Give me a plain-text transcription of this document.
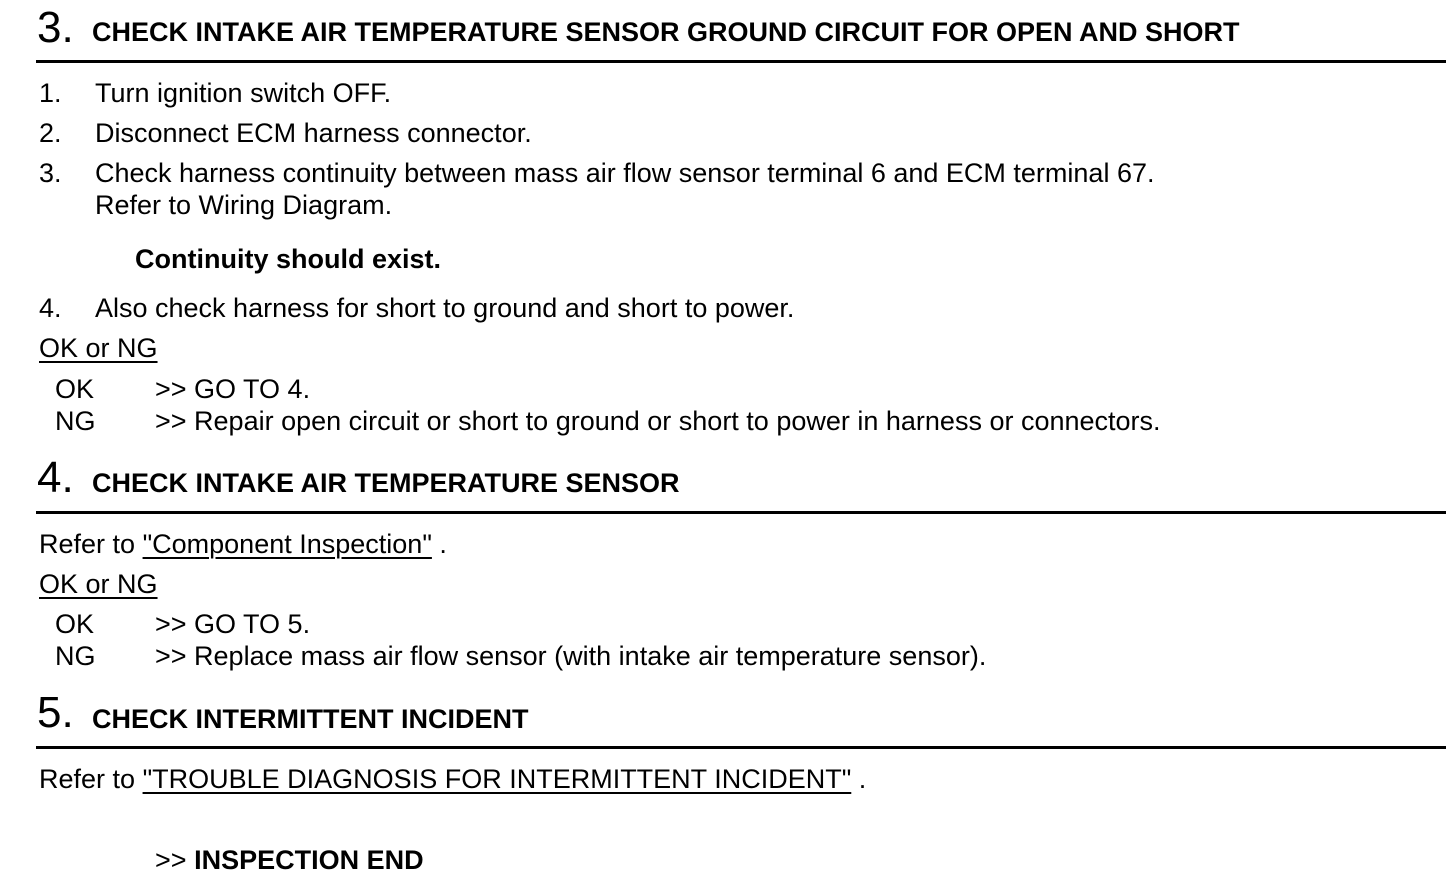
3. CHECK INTAKE AIR TEMPERATURE SENSOR GROUND CIRCUIT FOR OPEN AND SHORT
1. Turn ignition switch OFF.
2. Disconnect ECM harness connector.
3. Check harness continuity between mass air flow sensor terminal 6 and ECM terminal 67.
Refer to Wiring Diagram.
Continuity should exist.
4. Also check harness for short to ground and short to power.
OK or NG
OK >> GO TO 4.
NG >> Repair open circuit or short to ground or short to power in harness or connectors.
4. CHECK INTAKE AIR TEMPERATURE SENSOR
Refer to "Component Inspection" .
OK or NG
OK >> GO TO 5.
NG >> Replace mass air flow sensor (with intake air temperature sensor).
5. CHECK INTERMITTENT INCIDENT
Refer to "TROUBLE DIAGNOSIS FOR INTERMITTENT INCIDENT" .
>> INSPECTION END
